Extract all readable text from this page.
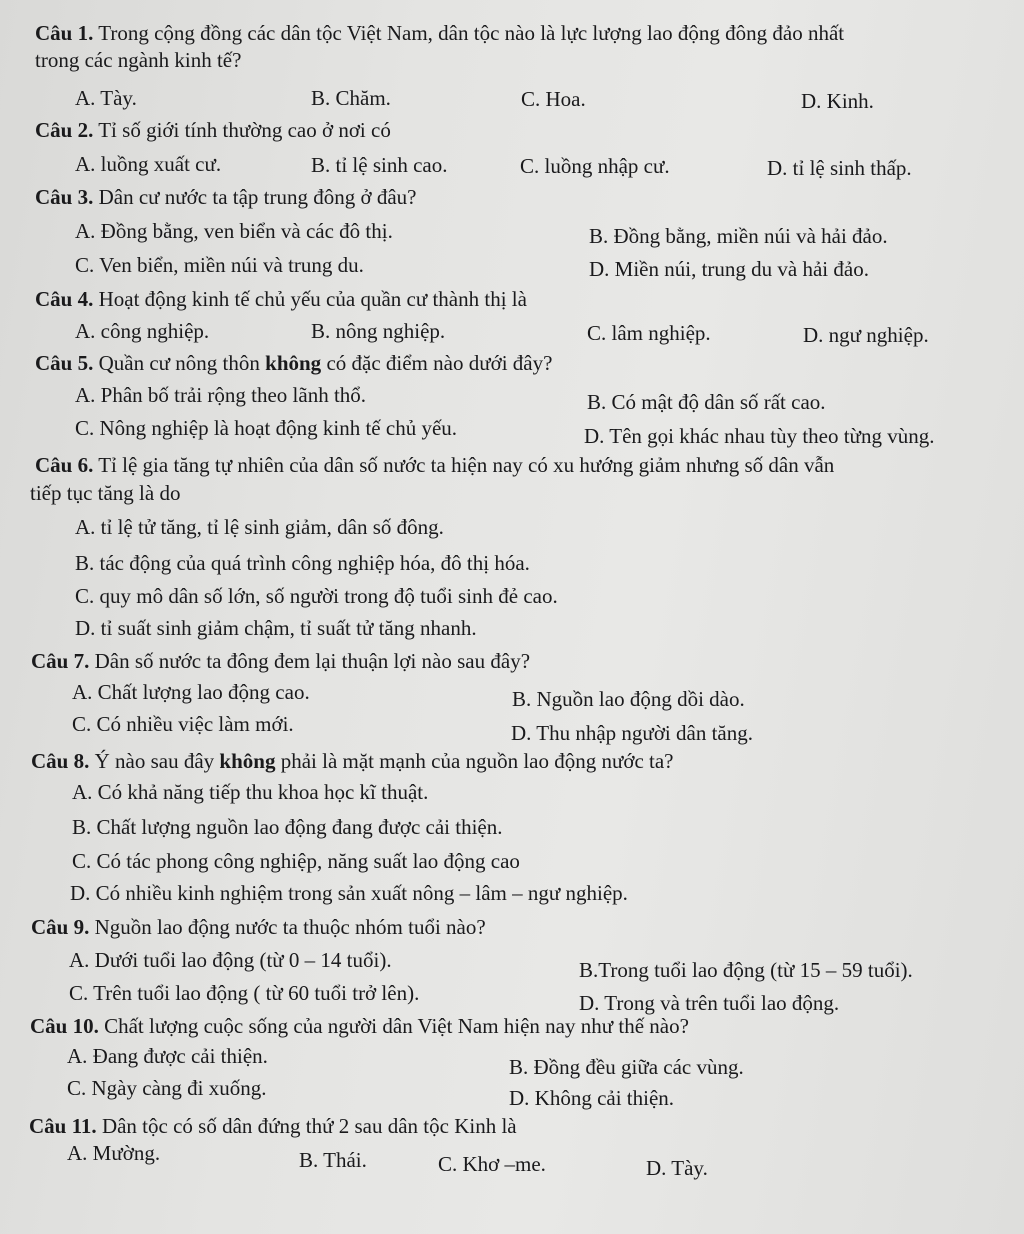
Câu 1. Trong cộng đồng các dân tộc Việt Nam, dân tộc nào là lực lượng lao động đông đảo nhất
trong các ngành kinh tế?
A. Tày.	B. Chăm.	C. Hoa.	D. Kinh.
Câu 2. Tỉ số giới tính thường cao ở nơi có
A. luồng xuất cư.	B. tỉ lệ sinh cao.	C. luồng nhập cư.	D. tỉ lệ sinh thấp.
Câu 3. Dân cư nước ta tập trung đông ở đâu?
A. Đồng bằng, ven biển và các đô thị.	B. Đồng bằng, miền núi và hải đảo.
C. Ven biển, miền núi và trung du.	D. Miền núi, trung du và hải đảo.
Câu 4. Hoạt động kinh tế chủ yếu của quần cư thành thị là
A. công nghiệp.	B. nông nghiệp.	C. lâm nghiệp.	D. ngư nghiệp.
Câu 5. Quần cư nông thôn không có đặc điểm nào dưới đây?
A. Phân bố trải rộng theo lãnh thổ.	B. Có mật độ dân số rất cao.
C. Nông nghiệp là hoạt động kinh tế chủ yếu.	D. Tên gọi khác nhau tùy theo từng vùng.
Câu 6. Tỉ lệ gia tăng tự nhiên của dân số nước ta hiện nay có xu hướng giảm nhưng số dân vẫn
tiếp tục tăng là do
A. tỉ lệ tử tăng, tỉ lệ sinh giảm, dân số đông.
B. tác động của quá trình công nghiệp hóa, đô thị hóa.
C. quy mô dân số lớn, số người trong độ tuổi sinh đẻ cao.
D. tỉ suất sinh giảm chậm, tỉ suất tử tăng nhanh.
Câu 7. Dân số nước ta đông đem lại thuận lợi nào sau đây?
A. Chất lượng lao động cao.	B. Nguồn lao động dồi dào.
C. Có nhiều việc làm mới.	D. Thu nhập người dân tăng.
Câu 8. Ý nào sau đây không phải là mặt mạnh của nguồn lao động nước ta?
A. Có khả năng tiếp thu khoa học kĩ thuật.
B. Chất lượng nguồn lao động đang được cải thiện.
C. Có tác phong công nghiệp, năng suất lao động cao
D. Có nhiều kinh nghiệm trong sản xuất nông – lâm – ngư nghiệp.
Câu 9. Nguồn lao động nước ta thuộc nhóm tuổi nào?
A. Dưới tuổi lao động (từ 0 – 14 tuổi).	B.Trong tuổi lao động (từ 15 – 59 tuổi).
C. Trên tuổi lao động ( từ 60 tuổi trở lên).	D. Trong và trên tuổi lao động.
Câu 10. Chất lượng cuộc sống của người dân Việt Nam hiện nay như thế nào?
A. Đang được cải thiện.	B. Đồng đều giữa các vùng.
C. Ngày càng đi xuống.	D. Không cải thiện.
Câu 11. Dân tộc có số dân đứng thứ 2 sau dân tộc Kinh là
A. Mường.	B. Thái.	C. Khơ –me.	D. Tày.
